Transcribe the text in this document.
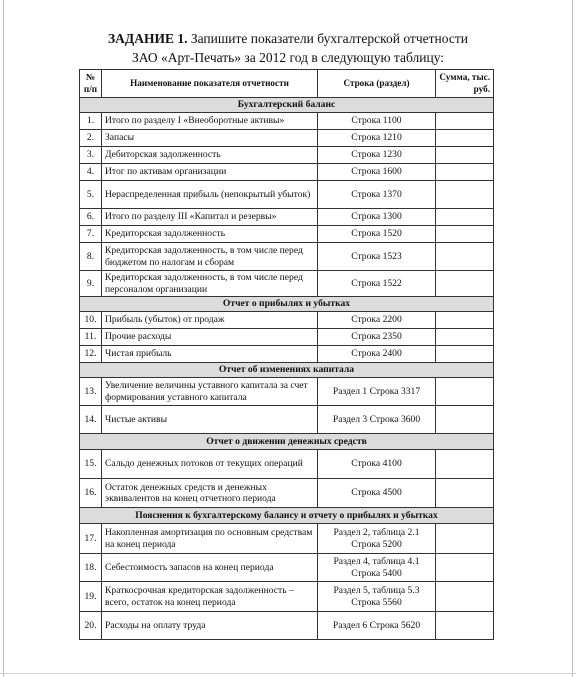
ЗАДАНИЕ 1. Запишите показатели бухгалтерской отчетности
ЗАО «Арт-Печать» за 2012 год в следующую таблицу:
№ п/п	Наименование показателя отчетности	Строка (раздел)	Сумма, тыс. руб.
Бухгалтерский баланс			
1.	Итого по разделу I «Внеоборотные активы»	Строка 1100	
2.	Запасы	Строка 1210	
3.	Дебиторская задолженность	Строка 1230	
4.	Итог по активам организации	Строка 1600	
5.	Нераспределенная прибыль (непокрытый убыток)	Строка 1370	
6.	Итого по разделу III «Капитал и резервы»	Строка 1300	
7.	Кредиторская задолженность	Строка 1520	
8.	Кредиторская задолженность, в том числе перед бюджетом по налогам и сборам	Строка 1523	
9.	Кредиторская задолженность, в том числе перед персоналом организации	Строка 1522	
Отчет о прибылях и убытках			
10.	Прибыль (убыток) от продаж	Строка 2200	
11.	Прочие расходы	Строка 2350	
12.	Чистая прибыль	Строка 2400	
Отчет об изменениях капитала			
13.	Увеличение величины уставного капитала за счет формирования уставного капитала	Раздел 1 Строка 3317	
14.	Чистые активы	Раздел 3 Строка 3600	
Отчет о движении денежных средств			
15.	Сальдо денежных потоков от текущих операций	Строка 4100	
16.	Остаток денежных средств и денежных эквивалентов на конец отчетного периода	Строка 4500	
Пояснения к бухгалтерскому балансу и отчету о прибылях и убытках			
17.	Накопленная амортизация по основным средствам на конец периода	Раздел 2, таблица 2.1 Строка 5200	
18.	Себестоимость запасов на конец периода	Раздел 4, таблица 4.1 Строка 5400	
19.	Краткосрочная кредиторская задолженность – всего, остаток на конец периода	Раздел 5, таблица 5.3 Строка 5560	
20.	Расходы на оплату труда	Раздел 6 Строка 5620	
